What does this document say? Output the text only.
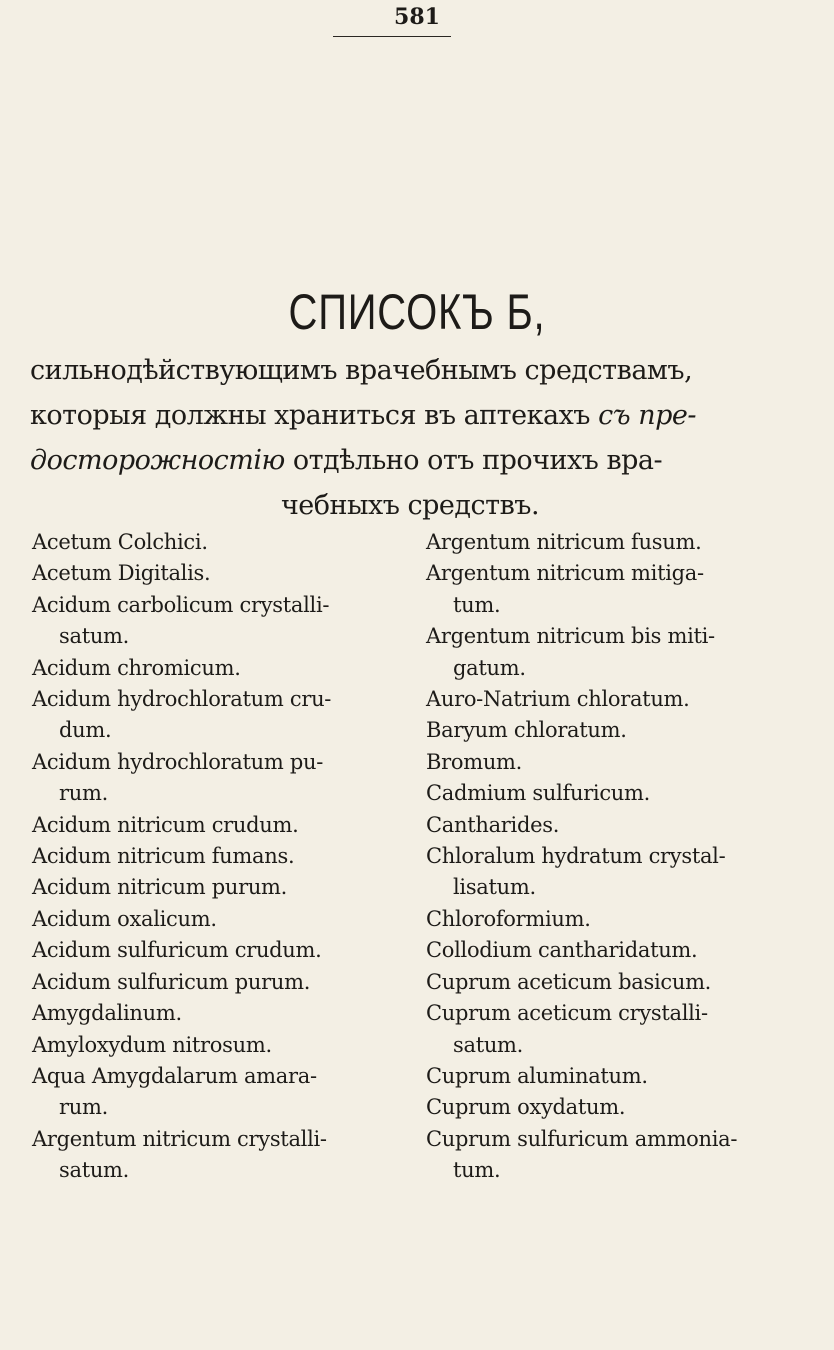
581
СПИСОКЪ Б,
сильнодѣйствующимъ врачебнымъ средствамъ,
которыя должны храниться въ аптекахъ съ пре-
досторожностію отдѣльно отъ прочихъ вра-
чебныхъ средствъ.
Acetum Colchici.
Acetum Digitalis.
Acidum carbolicum crystalli-
satum.
Acidum chromicum.
Acidum hydrochloratum cru-
dum.
Acidum hydrochloratum pu-
rum.
Acidum nitricum crudum.
Acidum nitricum fumans.
Acidum nitricum purum.
Acidum oxalicum.
Acidum sulfuricum crudum.
Acidum sulfuricum purum.
Amygdalinum.
Amyloxydum nitrosum.
Aqua Amygdalarum amara-
rum.
Argentum nitricum crystalli-
satum.
Argentum nitricum fusum.
Argentum nitricum mitiga-
tum.
Argentum nitricum bis miti-
gatum.
Auro-Natrium chloratum.
Baryum chloratum.
Bromum.
Cadmium sulfuricum.
Cantharides.
Chloralum hydratum crystal-
lisatum.
Chloroformium.
Collodium cantharidatum.
Cuprum aceticum basicum.
Cuprum aceticum crystalli-
satum.
Cuprum aluminatum.
Cuprum oxydatum.
Cuprum sulfuricum ammonia-
tum.
